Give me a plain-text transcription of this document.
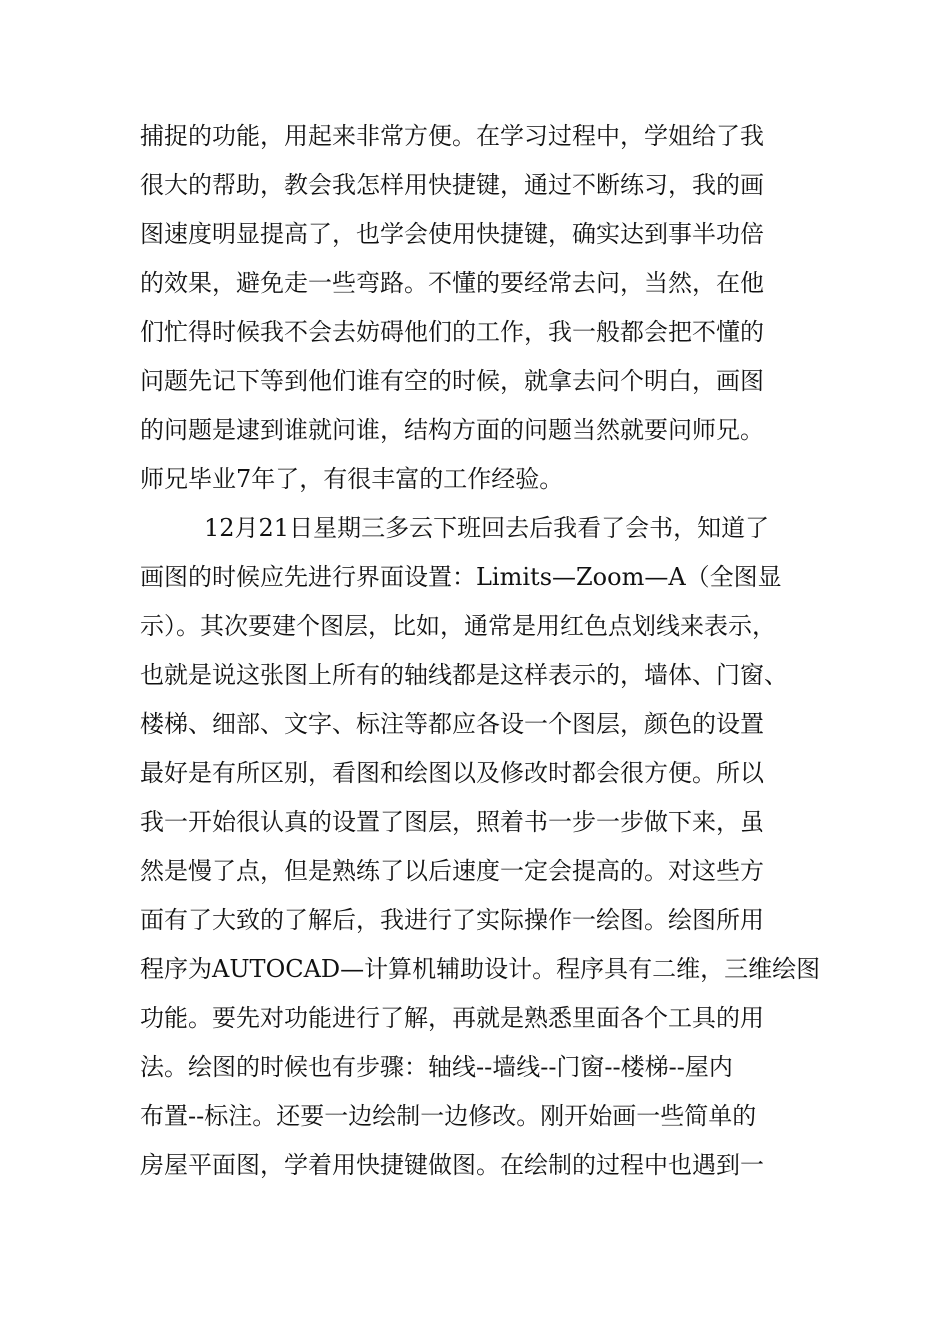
捕捉的功能，用起来非常方便。在学习过程中，学姐给了我
很大的帮助，教会我怎样用快捷键，通过不断练习，我的画
图速度明显提高了，也学会使用快捷键，确实达到事半功倍
的效果，避免走一些弯路。不懂的要经常去问，当然，在他
们忙得时候我不会去妨碍他们的工作，我一般都会把不懂的
问题先记下等到他们谁有空的时候，就拿去问个明白，画图
的问题是逮到谁就问谁，结构方面的问题当然就要问师兄。
师兄毕业7年了，有很丰富的工作经验。
12月21日星期三多云下班回去后我看了会书，知道了
画图的时候应先进行界面设置：Limits—Zoom—A（全图显
示）。其次要建个图层，比如，通常是用红色点划线来表示，
也就是说这张图上所有的轴线都是这样表示的，墙体、门窗、
楼梯、细部、文字、标注等都应各设一个图层，颜色的设置
最好是有所区别，看图和绘图以及修改时都会很方便。所以
我一开始很认真的设置了图层，照着书一步一步做下来，虽
然是慢了点，但是熟练了以后速度一定会提高的。对这些方
面有了大致的了解后，我进行了实际操作一绘图。绘图所用
程序为AUTOCAD—计算机辅助设计。程序具有二维，三维绘图
功能。要先对功能进行了解，再就是熟悉里面各个工具的用
法。绘图的时候也有步骤：轴线--墙线--门窗--楼梯--屋内
布置--标注。还要一边绘制一边修改。刚开始画一些简单的
房屋平面图，学着用快捷键做图。在绘制的过程中也遇到一
